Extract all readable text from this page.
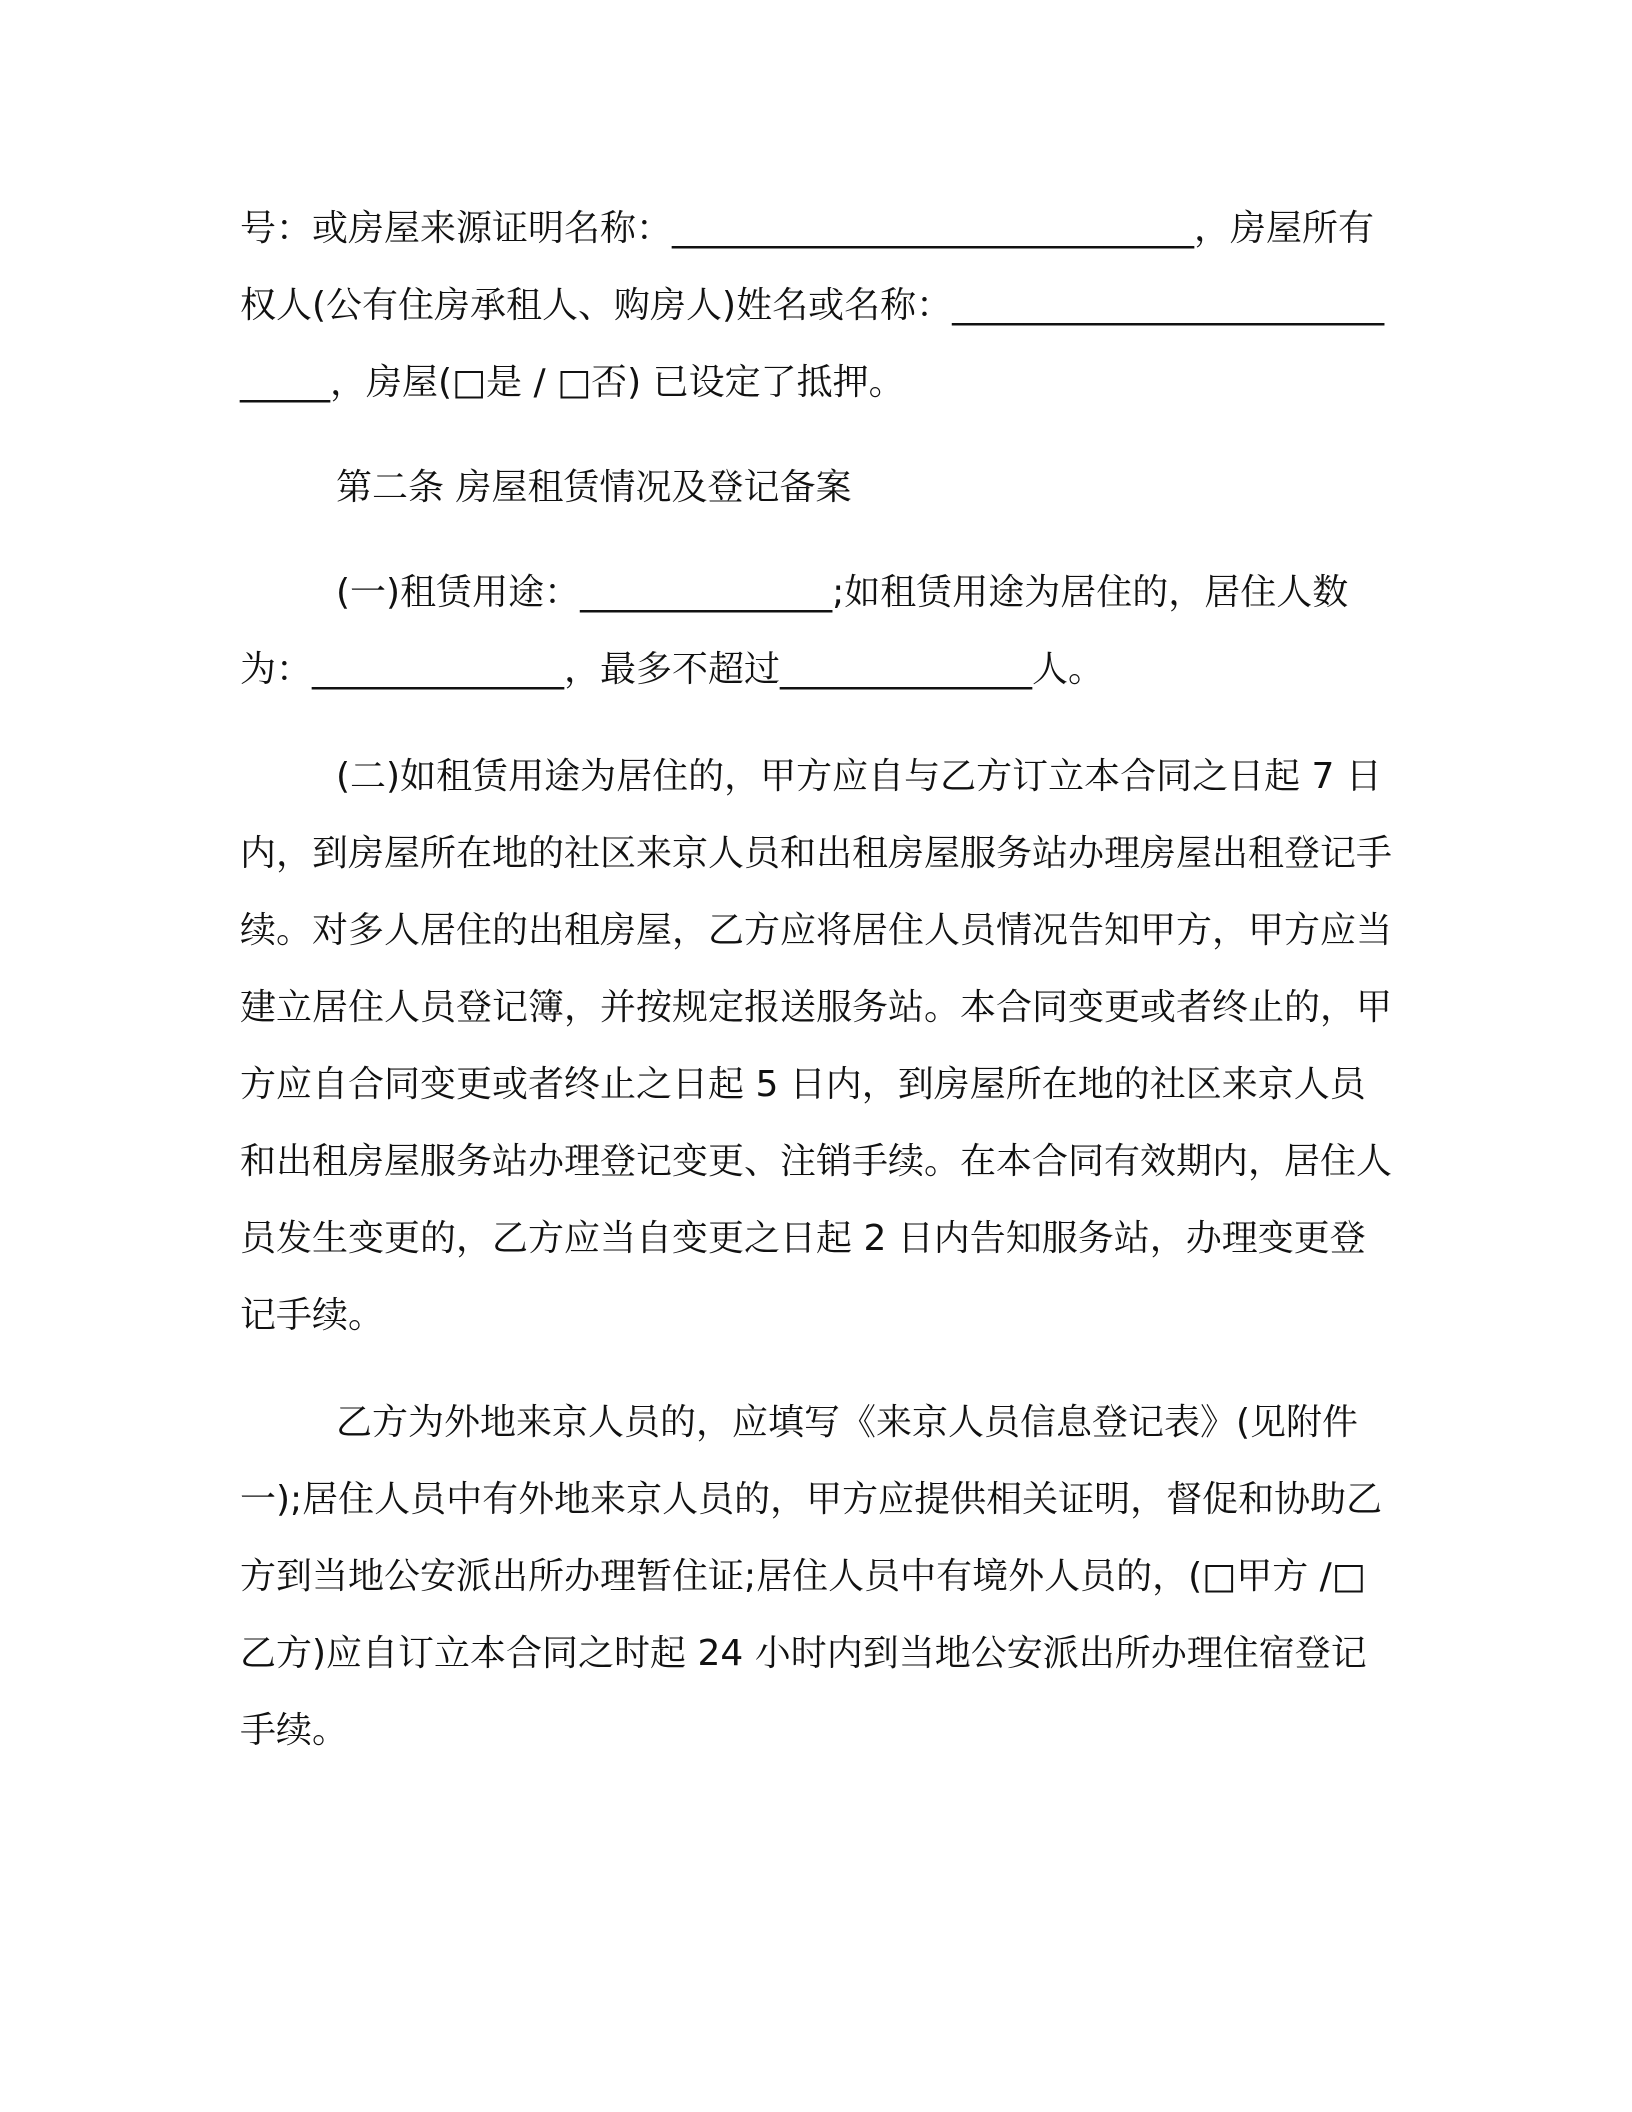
号：或房屋来源证明名称：_____________________________，房屋所有权人(公有住房承租人、购房人)姓名或名称：_____________________________，房屋(□是 / □否) 已设定了抵押。

第二条 房屋租赁情况及登记备案

(一)租赁用途：______________;如租赁用途为居住的，居住人数为：______________，最多不超过______________人。

(二)如租赁用途为居住的，甲方应自与乙方订立本合同之日起 7 日内，到房屋所在地的社区来京人员和出租房屋服务站办理房屋出租登记手续。对多人居住的出租房屋，乙方应将居住人员情况告知甲方，甲方应当建立居住人员登记簿，并按规定报送服务站。本合同变更或者终止的，甲方应自合同变更或者终止之日起 5 日内，到房屋所在地的社区来京人员和出租房屋服务站办理登记变更、注销手续。在本合同有效期内，居住人员发生变更的，乙方应当自变更之日起 2 日内告知服务站，办理变更登记手续。

乙方为外地来京人员的，应填写《来京人员信息登记表》(见附件一);居住人员中有外地来京人员的，甲方应提供相关证明，督促和协助乙方到当地公安派出所办理暂住证;居住人员中有境外人员的，(□甲方 /□乙方)应自订立本合同之时起 24 小时内到当地公安派出所办理住宿登记手续。
